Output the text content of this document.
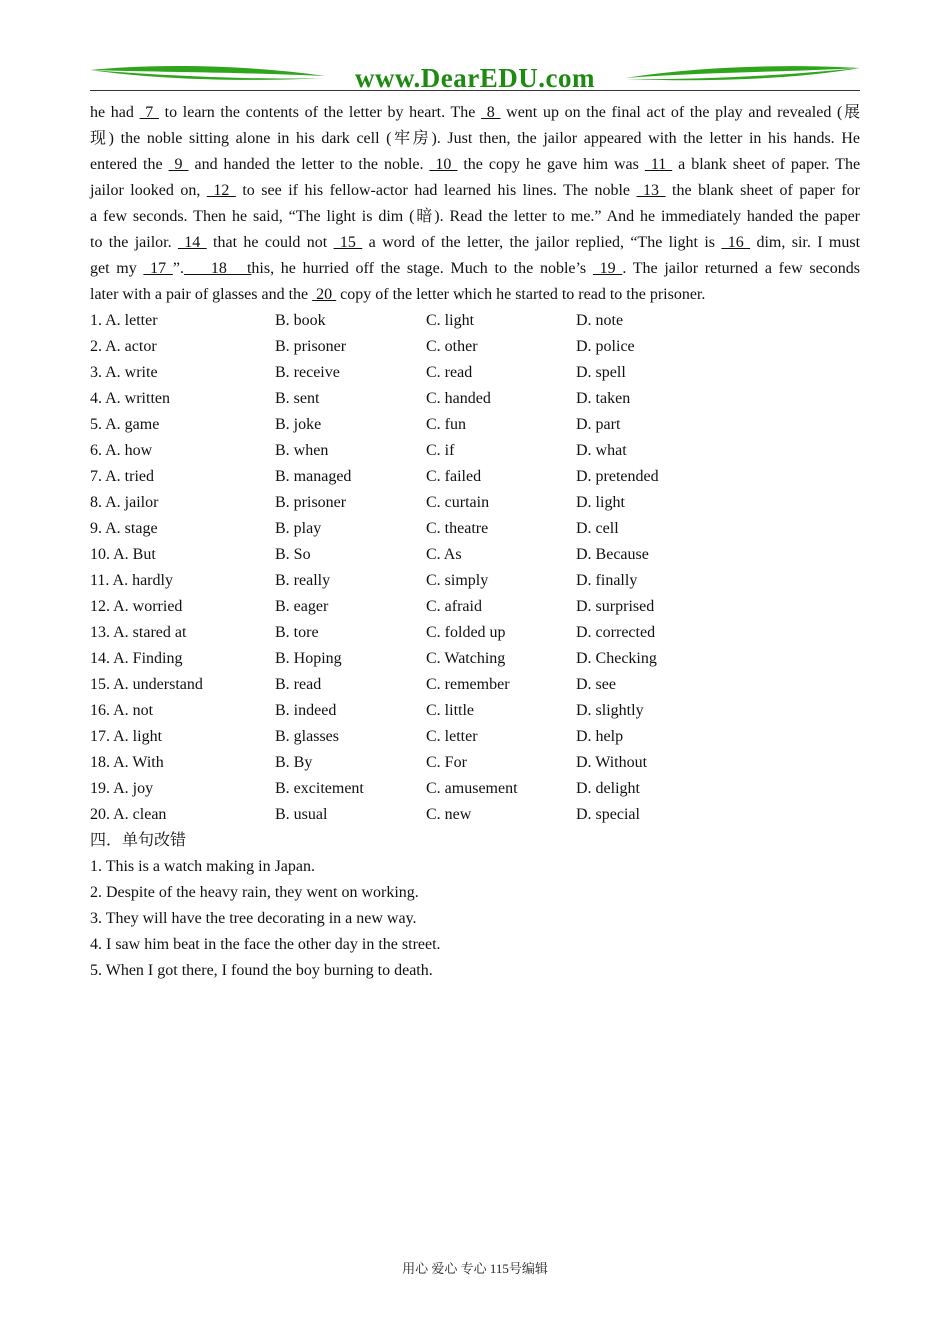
www.DearEDU.com
he had  7  to learn the contents of the letter by heart. The  8  went up on the final act of the play and revealed (展
现) the noble sitting alone in his dark cell (牢房). Just then, the jailor appeared with the letter in his hands. He
entered the  9  and handed the letter to the noble.  10  the copy he gave him was  11  a blank sheet of paper. The
jailor looked on,  12  to see if his fellow-actor had learned his lines. The noble  13  the blank sheet of paper for
a few seconds. Then he said, “The light is dim (暗). Read the letter to me.” And he immediately handed the paper
to the jailor.  14  that he could not  15  a word of the letter, the jailor replied, “The light is  16  dim, sir. I must
get my  17 ”.    18   this, he hurried off the stage. Much to the noble’s  19 . The jailor returned a few seconds
later with a pair of glasses and the  20  copy of the letter which he started to read to the prisoner.
1. A. letter	B. book	C. light	D. note
2. A. actor	B. prisoner	C. other	D. police
3. A. write	B. receive	C. read	D. spell
4. A. written	B. sent	C. handed	D. taken
5. A. game	B. joke	C. fun	D. part
6. A. how	B. when	C. if	D. what
7. A. tried	B. managed	C. failed	D. pretended
8. A. jailor	B. prisoner	C. curtain	D. light
9. A. stage	B. play	C. theatre	D. cell
10. A. But	B. So	C. As	D. Because
11. A. hardly	B. really	C. simply	D. finally
12. A. worried	B. eager	C. afraid	D. surprised
13. A. stared at	B. tore	C. folded up	D. corrected
14. A. Finding	B. Hoping	C. Watching	D. Checking
15. A. understand	B. read	C. remember	D. see
16. A. not	B. indeed	C. little	D. slightly
17. A. light	B. glasses	C. letter	D. help
18. A. With	B. By	C. For	D. Without
19. A. joy	B. excitement	C. amusement	D. delight
20. A. clean	B. usual	C. new	D. special
四．单句改错
1. This is a watch making in Japan.
2. Despite of the heavy rain, they went on working.
3. They will have the tree decorating in a new way.
4. I saw him beat in the face the other day in the street.
5. When I got there, I found the boy burning to death.
用心 爱心 专心 115号编辑
